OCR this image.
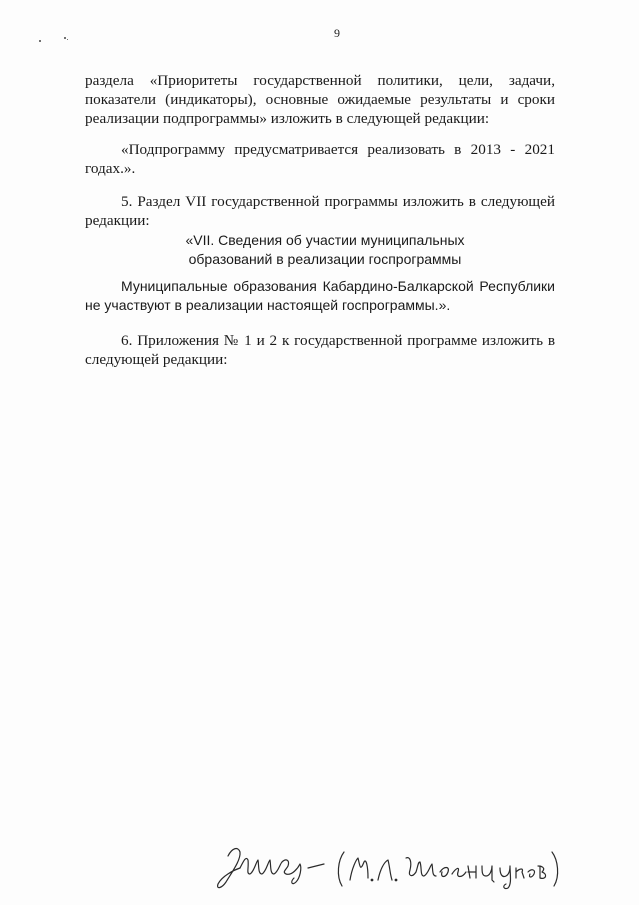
9

раздела «Приоритеты государственной политики, цели, задачи, показатели (индикаторы), основные ожидаемые результаты и сроки реализации подпрограммы» изложить в следующей редакции:

«Подпрограмму предусматривается реализовать в 2013 - 2021 годах.».

5. Раздел VII государственной программы изложить в следующей редакции:

«VII. Сведения об участии муниципальных
образований в реализации госпрограммы

Муниципальные образования Кабардино-Балкарской Республики не участвуют в реализации настоящей госпрограммы.».

6. Приложения № 1 и 2 к государственной программе изложить в следующей редакции:
